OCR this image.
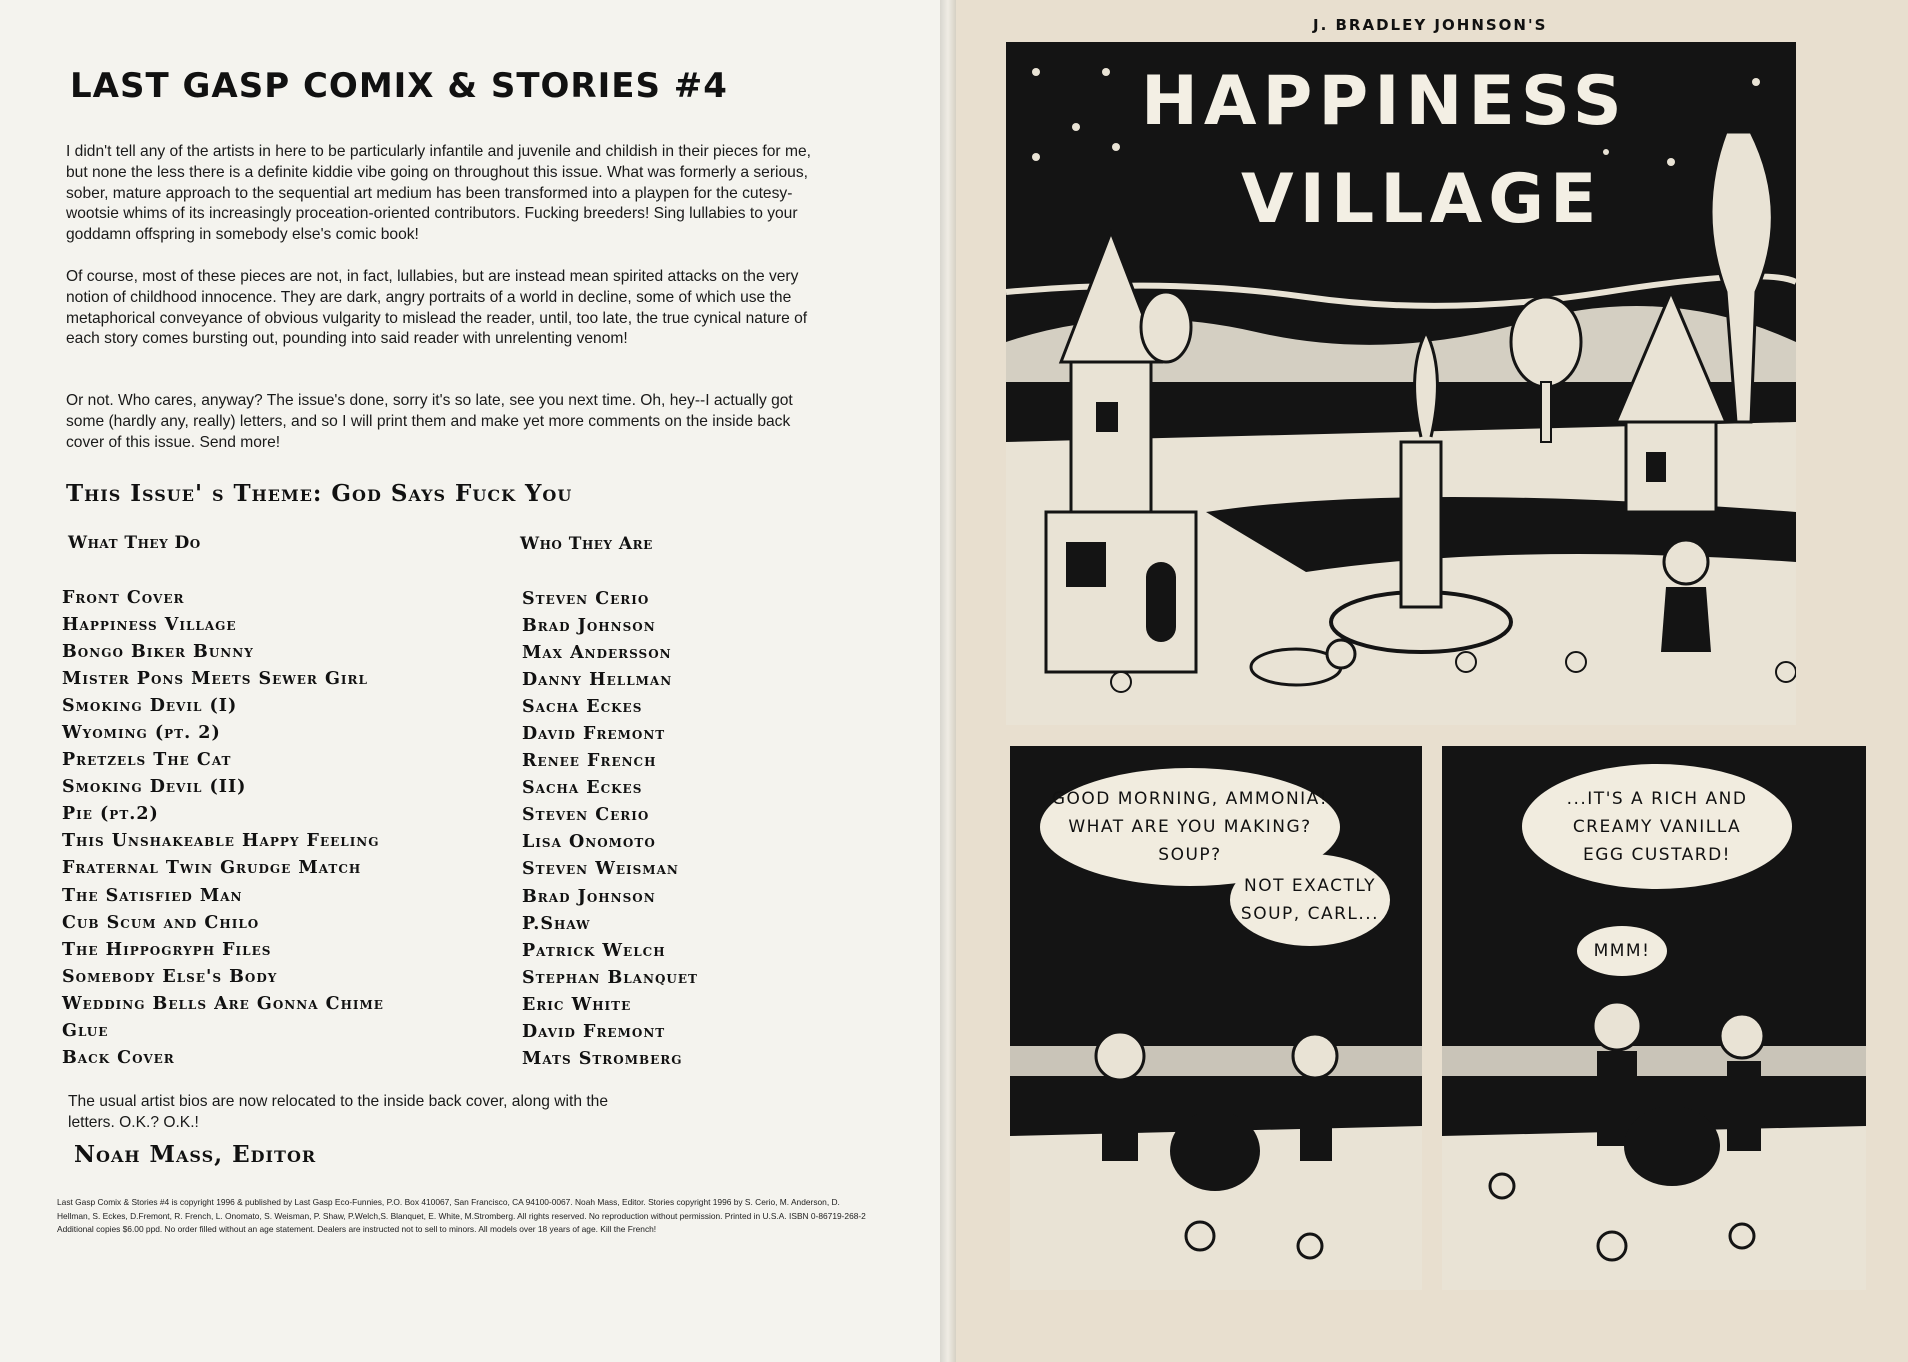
LAST GASP COMIX & STORIES #4

I didn't tell any of the artists in here to be particularly infantile and juvenile and childish in their pieces for me, but none the less there is a definite kiddie vibe going on throughout this issue. What was formerly a serious, sober, mature approach to the sequential art medium has been transformed into a playpen for the cutesy-wootsie whims of its increasingly proceation-oriented contributors. Fucking breeders! Sing lullabies to your goddamn offspring in somebody else's comic book!

Of course, most of these pieces are not, in fact, lullabies, but are instead mean spirited attacks on the very notion of childhood innocence. They are dark, angry portraits of a world in decline, some of which use the metaphorical conveyance of obvious vulgarity to mislead the reader, until, too late, the true cynical nature of each story comes bursting out, pounding into said reader with unrelenting venom!

Or not. Who cares, anyway? The issue's done, sorry it's so late, see you next time. Oh, hey--I actually got some (hardly any, really) letters, and so I will print them and make yet more comments on the inside back cover of this issue. Send more!

This Issue' s Theme: God Says Fuck You
What They Do	Who They Are
Front Cover
Happiness Village
Bongo Biker Bunny
Mister Pons Meets Sewer Girl
Smoking Devil (I)
Wyoming (pt. 2)
Pretzels The Cat
Smoking Devil (II)
Pie (pt.2)
This Unshakeable Happy Feeling
Fraternal Twin Grudge Match
The Satisfied Man
Cub Scum and Chilo
The Hippogryph Files
Somebody Else's Body
Wedding Bells Are Gonna Chime
Glue
Back Cover
Steven Cerio
Brad Johnson
Max Andersson
Danny Hellman
Sacha Eckes
David Fremont
Renee French
Sacha Eckes
Steven Cerio
Lisa Onomoto
Steven Weisman
Brad Johnson
P.Shaw
Patrick Welch
Stephan Blanquet
Eric White
David Fremont
Mats Stromberg

The usual artist bios are now relocated to the inside back cover, along with the letters. O.K.? O.K.!

Noah Mass, Editor

Last Gasp Comix & Stories #4 is copyright 1996 & published by Last Gasp Eco-Funnies, P.O. Box 410067, San Francisco, CA 94100-0067. Noah Mass, Editor. Stories copyright 1996 by S. Cerio, M. Anderson, D. Hellman, S. Eckes, D.Fremont, R. French, L. Onomato, S. Weisman, P. Shaw, P.Welch,S. Blanquet, E. White, M.Stromberg. All rights reserved. No reproduction without permission. Printed in U.S.A. ISBN 0-86719-268-2 Additional copies $6.00 ppd. No order filled without an age statement. Dealers are instructed not to sell to minors. All models over 18 years of age. Kill the French!

J. BRADLEY JOHNSON'S
HAPPINESS
VILLAGE
GOOD MORNING, AMMONIA!
WHAT ARE YOU MAKING?
SOUP?
NOT EXACTLY
SOUP, CARL...
...IT'S A RICH AND
CREAMY VANILLA
EGG CUSTARD!
MMM!
